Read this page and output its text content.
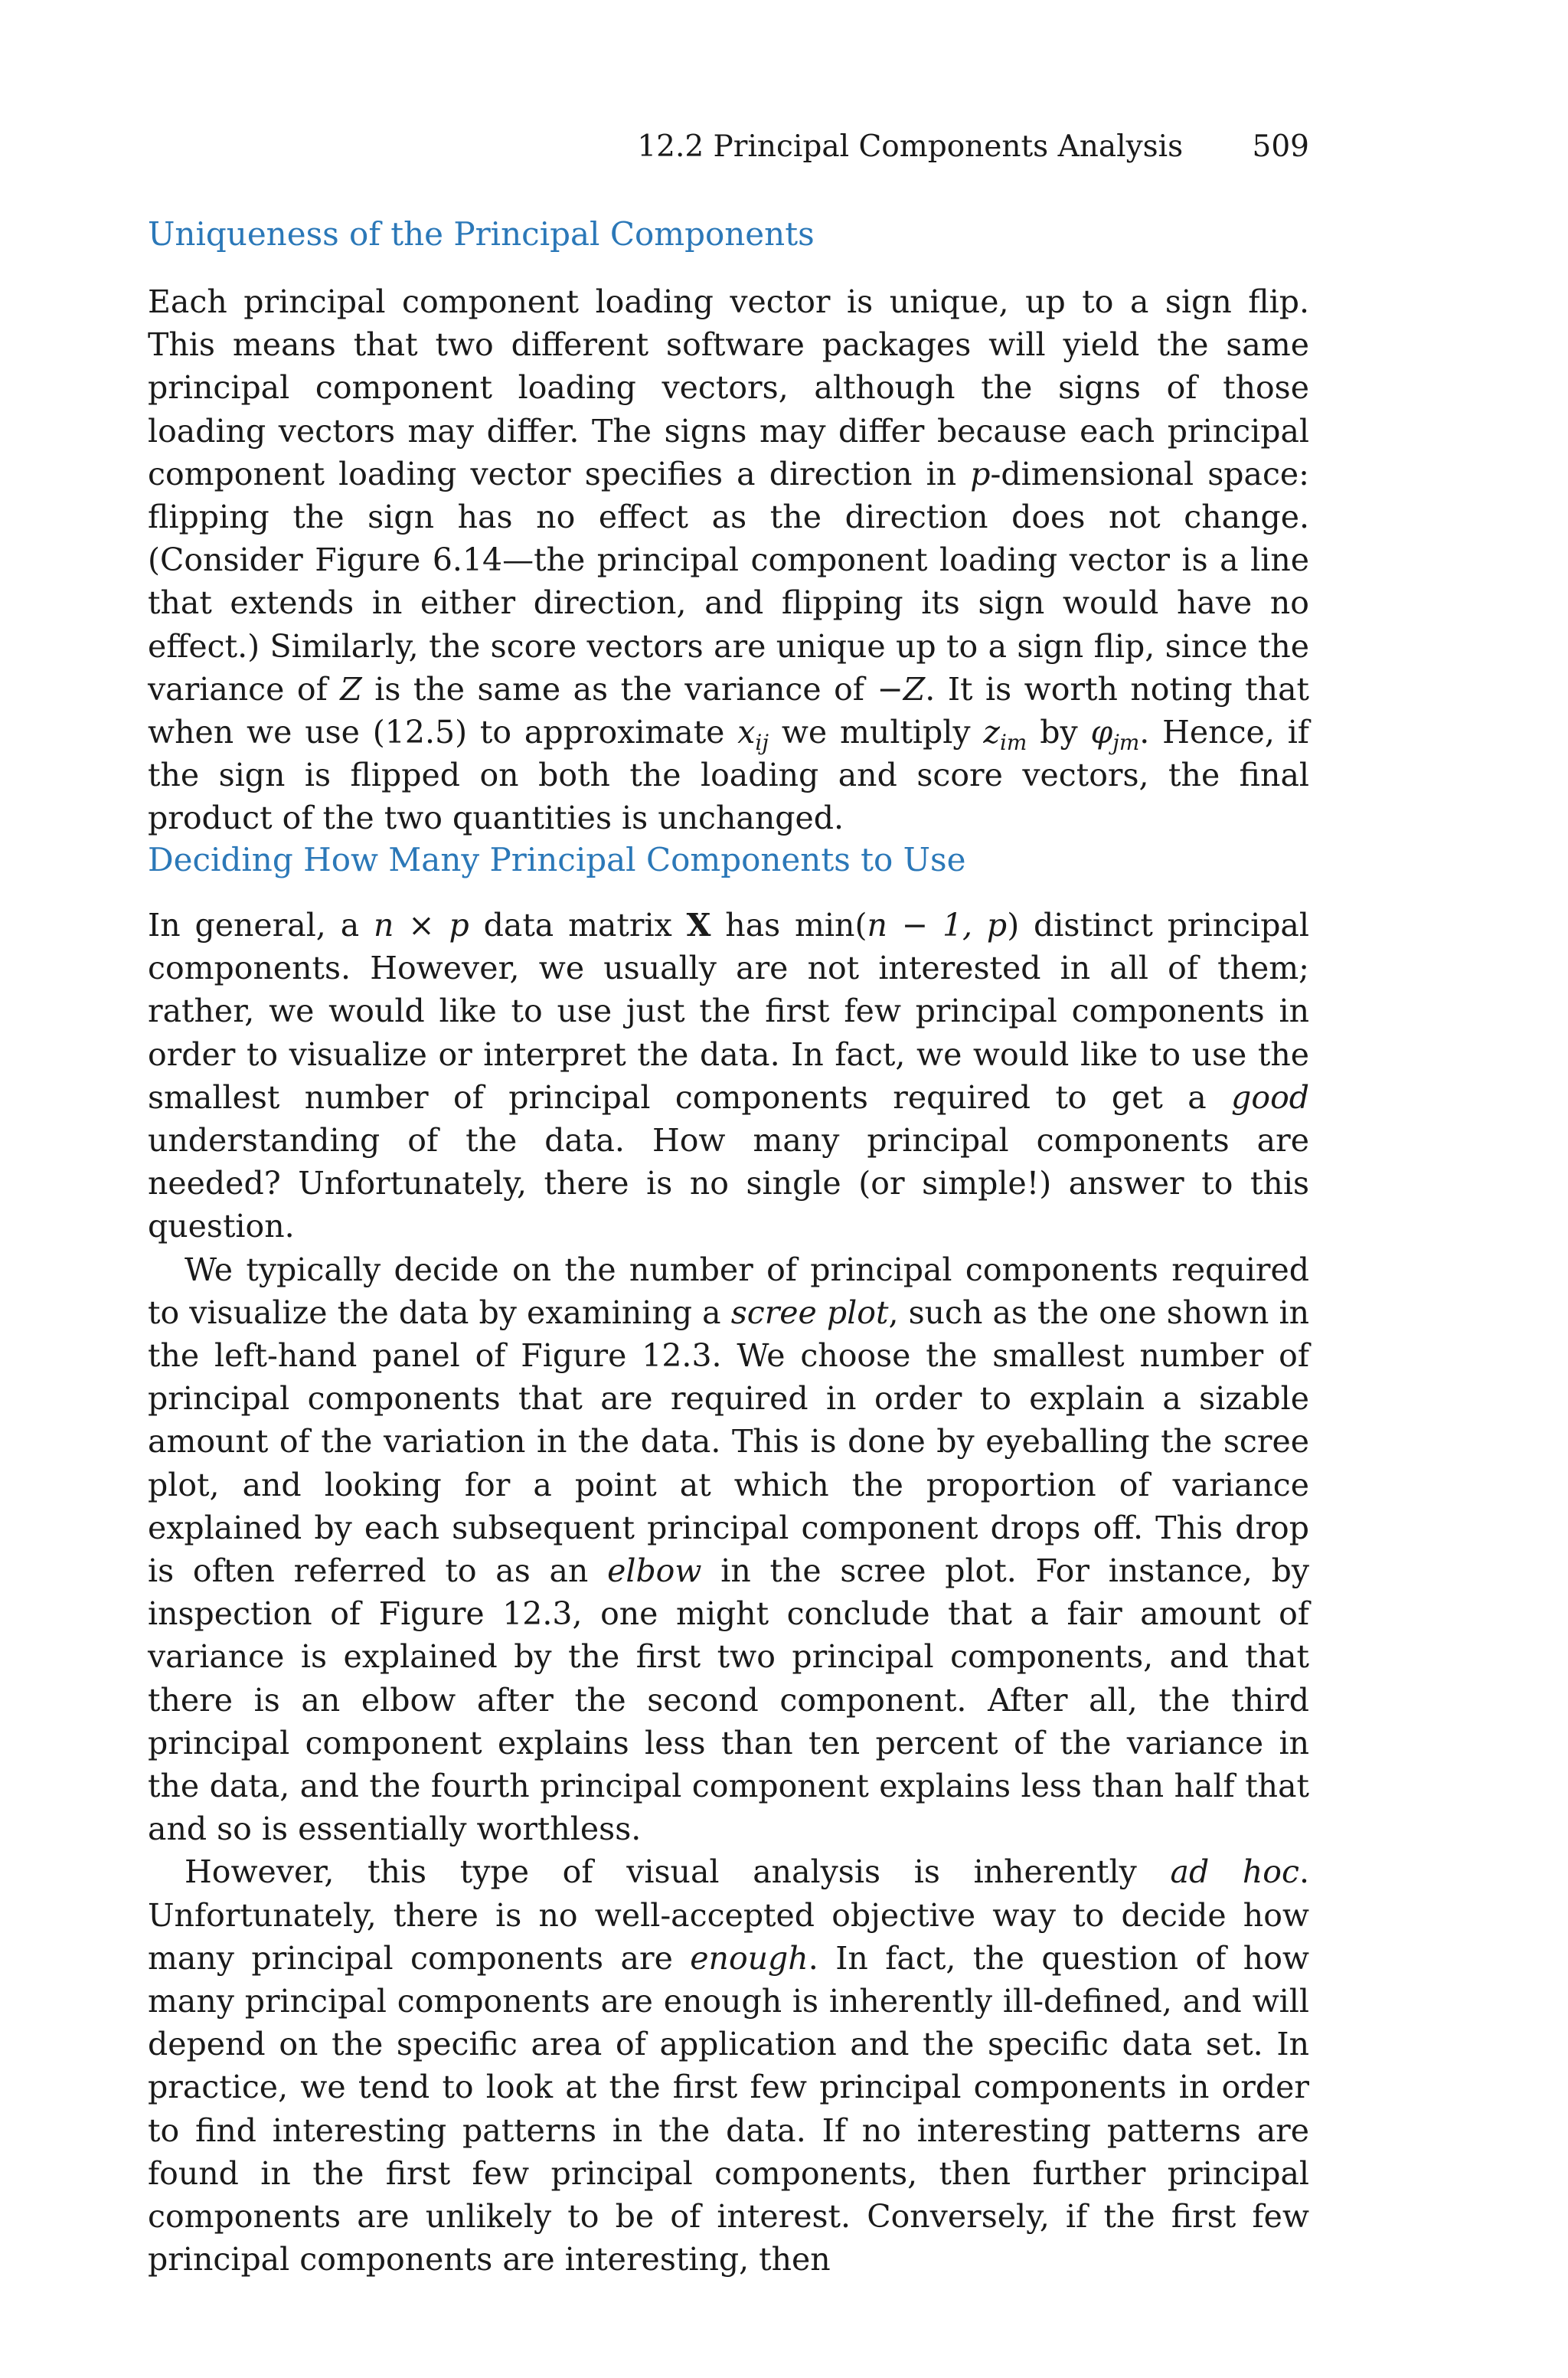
12.2 Principal Components Analysis 509
Uniqueness of the Principal Components

Each principal component loading vector is unique, up to a sign flip. This means that two different software packages will yield the same principal component loading vectors, although the signs of those loading vectors may differ. The signs may differ because each principal component loading vector specifies a direction in p-dimensional space: flipping the sign has no effect as the direction does not change. (Consider Figure 6.14—the principal component loading vector is a line that extends in either direction, and flipping its sign would have no effect.) Similarly, the score vectors are unique up to a sign flip, since the variance of Z is the same as the variance of −Z. It is worth noting that when we use (12.5) to approximate $x_{ij}$ we multiply $z_{im}$ by $\varphi_{jm}$. Hence, if the sign is flipped on both the loading and score vectors, the final product of the two quantities is unchanged.

Deciding How Many Principal Components to Use

In general, a n × p data matrix X has min(n − 1, p) distinct principal components. However, we usually are not interested in all of them; rather, we would like to use just the first few principal components in order to visualize or interpret the data. In fact, we would like to use the smallest number of principal components required to get a good understanding of the data. How many principal components are needed? Unfortunately, there is no single (or simple!) answer to this question.

We typically decide on the number of principal components required to visualize the data by examining a scree plot, such as the one shown in the left-hand panel of Figure 12.3. We choose the smallest number of principal components that are required in order to explain a sizable amount of the variation in the data. This is done by eyeballing the scree plot, and looking for a point at which the proportion of variance explained by each subsequent principal component drops off. This drop is often referred to as an elbow in the scree plot. For instance, by inspection of Figure 12.3, one might conclude that a fair amount of variance is explained by the first two principal components, and that there is an elbow after the second component. After all, the third principal component explains less than ten percent of the variance in the data, and the fourth principal component explains less than half that and so is essentially worthless.

However, this type of visual analysis is inherently ad hoc. Unfortunately, there is no well-accepted objective way to decide how many principal components are enough. In fact, the question of how many principal components are enough is inherently ill-defined, and will depend on the specific area of application and the specific data set. In practice, we tend to look at the first few principal components in order to find interesting patterns in the data. If no interesting patterns are found in the first few principal components, then further principal components are unlikely to be of interest. Conversely, if the first few principal components are interesting, then
